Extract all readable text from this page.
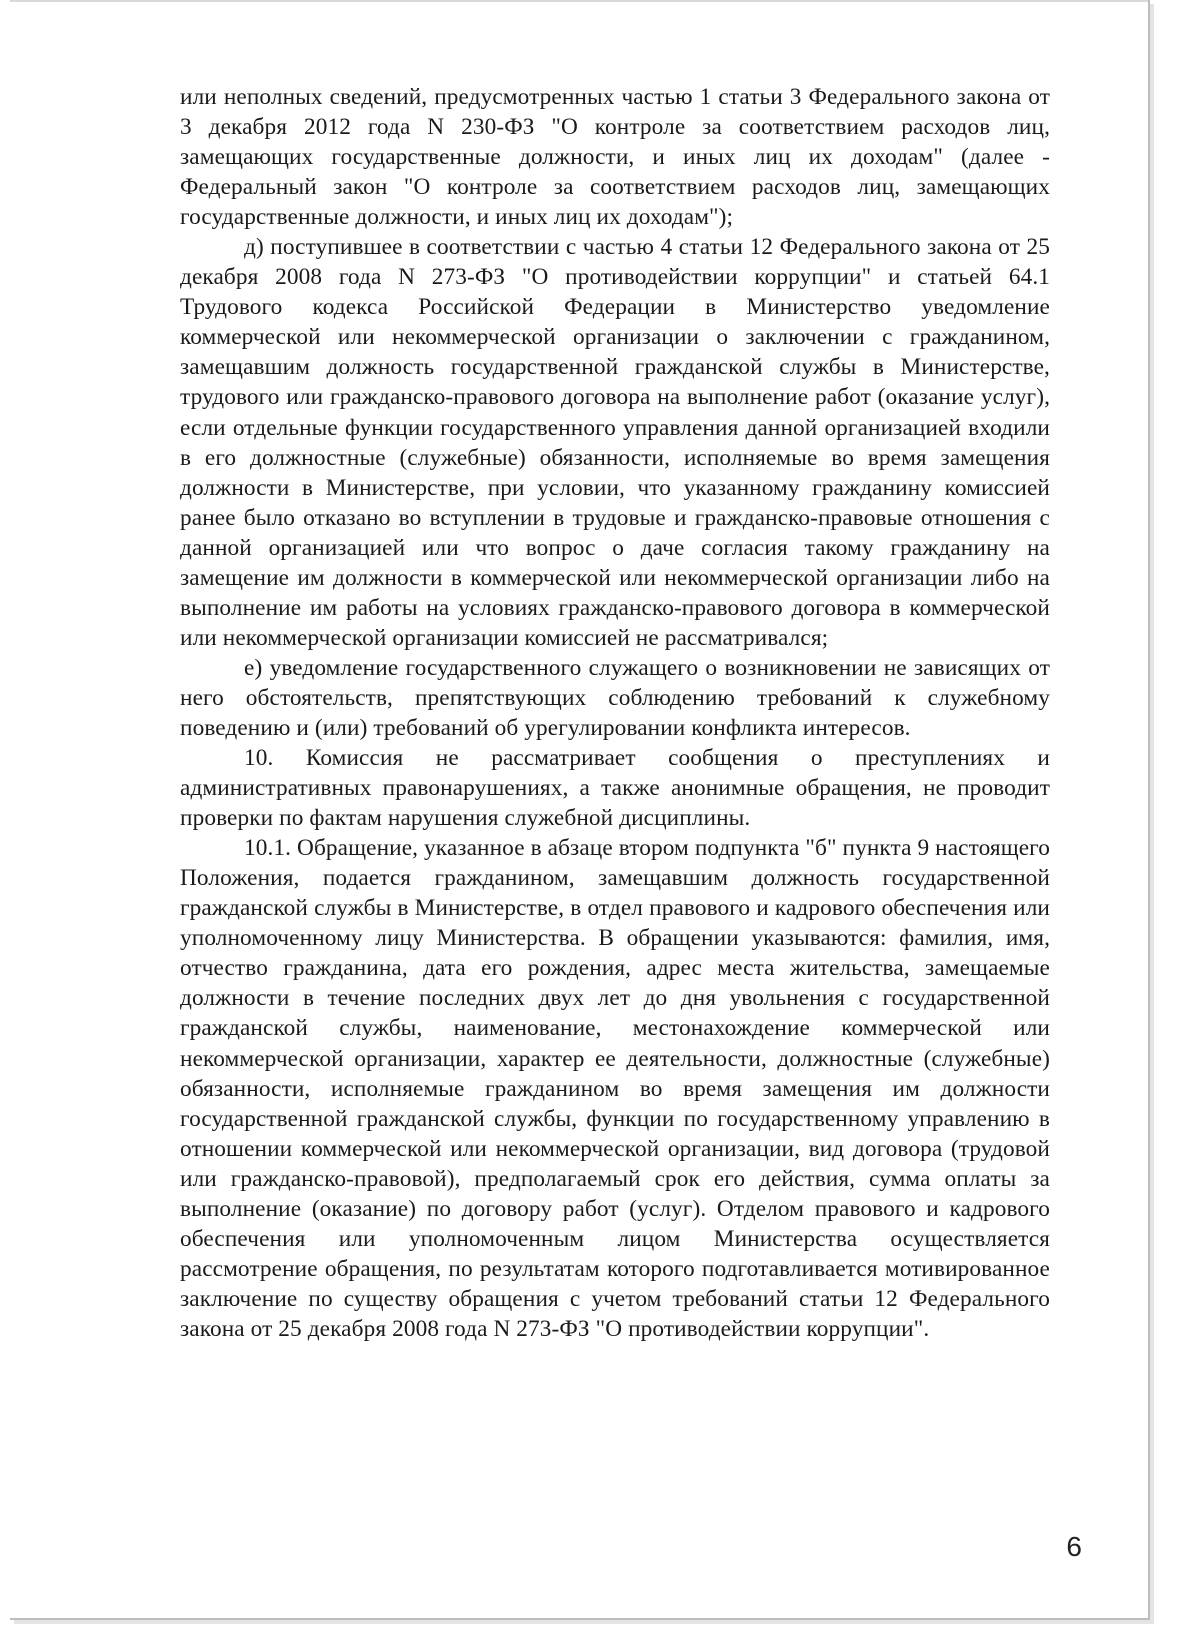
или неполных сведений, предусмотренных частью 1 статьи 3 Федерального закона от 3 декабря 2012 года N 230-ФЗ "О контроле за соответствием расходов лиц, замещающих государственные должности, и иных лиц их доходам" (далее - Федеральный закон "О контроле за соответствием расходов лиц, замещающих государственные должности, и иных лиц их доходам");

д) поступившее в соответствии с частью 4 статьи 12 Федерального закона от 25 декабря 2008 года N 273-ФЗ "О противодействии коррупции" и статьей 64.1 Трудового кодекса Российской Федерации в Министерство уведомление коммерческой или некоммерческой организации о заключении с гражданином, замещавшим должность государственной гражданской службы в Министерстве, трудового или гражданско-правового договора на выполнение работ (оказание услуг), если отдельные функции государственного управления данной организацией входили в его должностные (служебные) обязанности, исполняемые во время замещения должности в Министерстве, при условии, что указанному гражданину комиссией ранее было отказано во вступлении в трудовые и гражданско-правовые отношения с данной организацией или что вопрос о даче согласия такому гражданину на замещение им должности в коммерческой или некоммерческой организации либо на выполнение им работы на условиях гражданско-правового договора в коммерческой или некоммерческой организации комиссией не рассматривался;

е) уведомление государственного служащего о возникновении не зависящих от него обстоятельств, препятствующих соблюдению требований к служебному поведению и (или) требований об урегулировании конфликта интересов.

10. Комиссия не рассматривает сообщения о преступлениях и административных правонарушениях, а также анонимные обращения, не проводит проверки по фактам нарушения служебной дисциплины.

10.1. Обращение, указанное в абзаце втором подпункта "б" пункта 9 настоящего Положения, подается гражданином, замещавшим должность государственной гражданской службы в Министерстве, в отдел правового и кадрового обеспечения или уполномоченному лицу Министерства. В обращении указываются: фамилия, имя, отчество гражданина, дата его рождения, адрес места жительства, замещаемые должности в течение последних двух лет до дня увольнения с государственной гражданской службы, наименование, местонахождение коммерческой или некоммерческой организации, характер ее деятельности, должностные (служебные) обязанности, исполняемые гражданином во время замещения им должности государственной гражданской службы, функции по государственному управлению в отношении коммерческой или некоммерческой организации, вид договора (трудовой или гражданско-правовой), предполагаемый срок его действия, сумма оплаты за выполнение (оказание) по договору работ (услуг). Отделом правового и кадрового обеспечения или уполномоченным лицом Министерства осуществляется рассмотрение обращения, по результатам которого подготавливается мотивированное заключение по существу обращения с учетом требований статьи 12 Федерального закона от 25 декабря 2008 года N 273-ФЗ "О противодействии коррупции".

6
